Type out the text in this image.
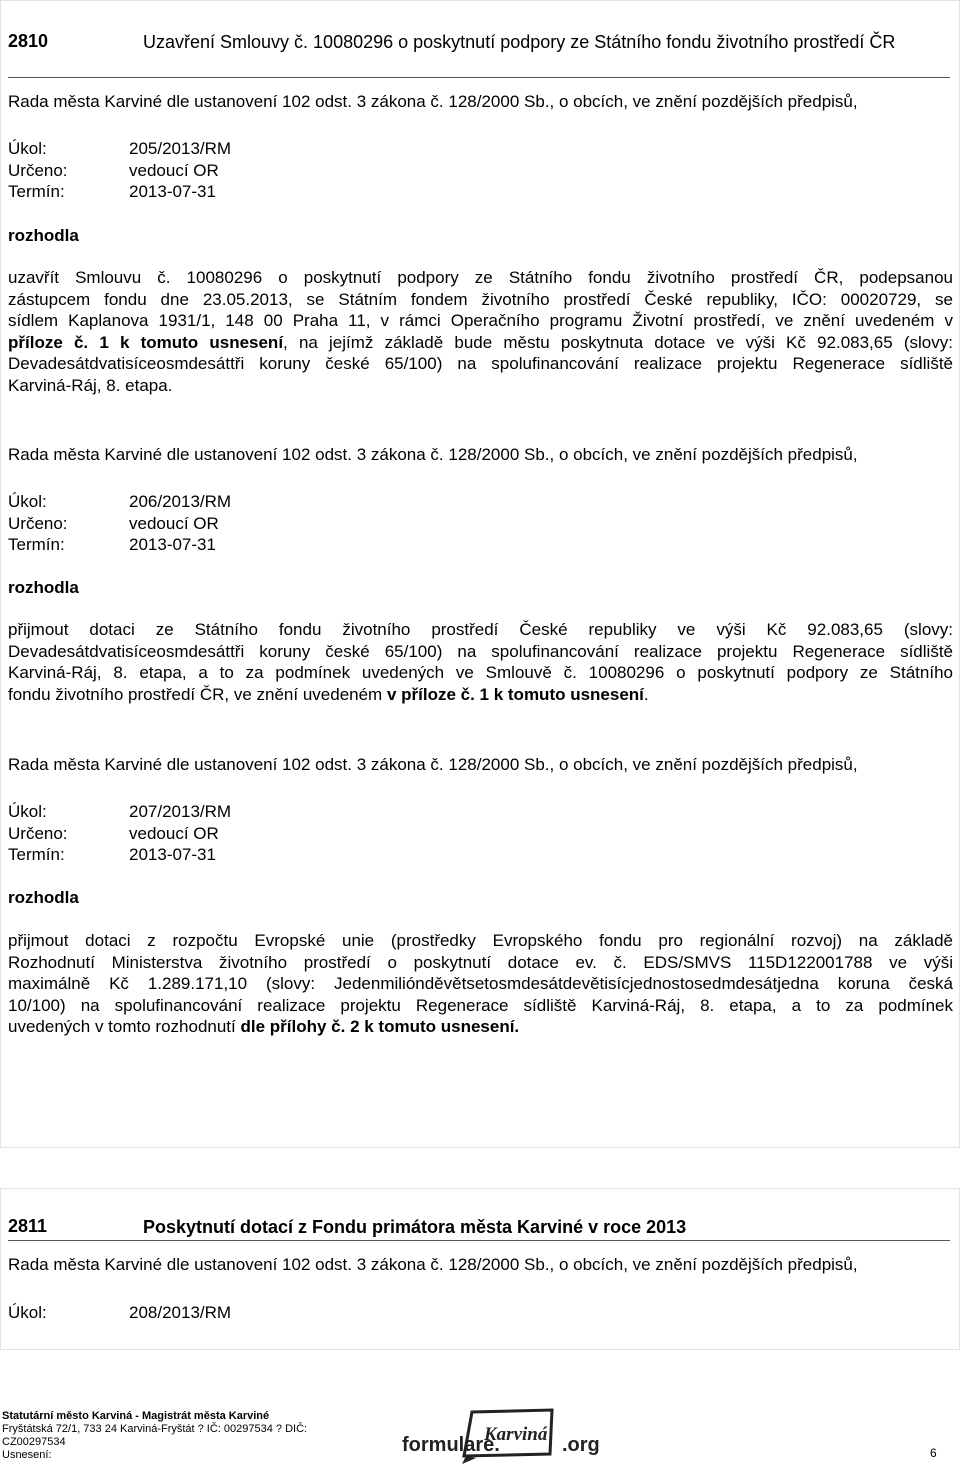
2810	Uzavření Smlouvy č. 10080296 o poskytnutí podpory ze Státního fondu životního prostředí ČR
Rada města Karviné dle ustanovení 102 odst. 3 zákona č. 128/2000 Sb., o obcích, ve znění pozdějších předpisů,
Úkol:	205/2013/RM
Určeno:	vedoucí OR
Termín:	2013-07-31
rozhodla
uzavřít Smlouvu č. 10080296 o poskytnutí podpory ze Státního fondu životního prostředí ČR, podepsanou
zástupcem fondu dne 23.05.2013, se Státním fondem životního prostředí České republiky, IČO: 00020729, se
sídlem Kaplanova 1931/1, 148 00 Praha 11, v rámci Operačního programu Životní prostředí, ve znění uvedeném v
příloze č. 1 k tomuto usnesení, na jejímž základě bude městu poskytnuta dotace ve výši Kč 92.083,65 (slovy:
Devadesátdvatisíceosmdesáttři koruny české 65/100) na spolufinancování realizace projektu Regenerace sídliště
Karviná-Ráj, 8. etapa.
Rada města Karviné dle ustanovení 102 odst. 3 zákona č. 128/2000 Sb., o obcích, ve znění pozdějších předpisů,
Úkol:	206/2013/RM
Určeno:	vedoucí OR
Termín:	2013-07-31
rozhodla
přijmout dotaci ze Státního fondu životního prostředí České republiky ve výši Kč 92.083,65 (slovy:
Devadesátdvatisíceosmdesáttři koruny české 65/100) na spolufinancování realizace projektu Regenerace sídliště
Karviná-Ráj, 8. etapa, a to za podmínek uvedených ve Smlouvě č. 10080296 o poskytnutí podpory ze Státního
fondu životního prostředí ČR, ve znění uvedeném v příloze č. 1 k tomuto usnesení.
Rada města Karviné dle ustanovení 102 odst. 3 zákona č. 128/2000 Sb., o obcích, ve znění pozdějších předpisů,
Úkol:	207/2013/RM
Určeno:	vedoucí OR
Termín:	2013-07-31
rozhodla
přijmout dotaci z rozpočtu Evropské unie (prostředky Evropského fondu pro regionální rozvoj) na základě
Rozhodnutí Ministerstva životního prostředí o poskytnutí dotace ev. č. EDS/SMVS 115D122001788 ve výši
maximálně Kč 1.289.171,10 (slovy: Jedenmiliónděvětsetosmdesátdevětisícjednostosedmdesátjedna koruna česká
10/100) na spolufinancování realizace projektu Regenerace sídliště Karviná-Ráj, 8. etapa, a to za podmínek
uvedených v tomto rozhodnutí dle přílohy č. 2 k tomuto usnesení.
2811	Poskytnutí dotací z Fondu primátora města Karviné v roce 2013
Rada města Karviné dle ustanovení 102 odst. 3 zákona č. 128/2000 Sb., o obcích, ve znění pozdějších předpisů,
Úkol:	208/2013/RM
Statutární město Karviná - Magistrát města Karviné
Fryštátská 72/1, 733 24 Karviná-Fryštát ? IČ: 00297534 ? DIČ:
CZ00297534
Usnesení:	formulare.
Karviná .org	6
